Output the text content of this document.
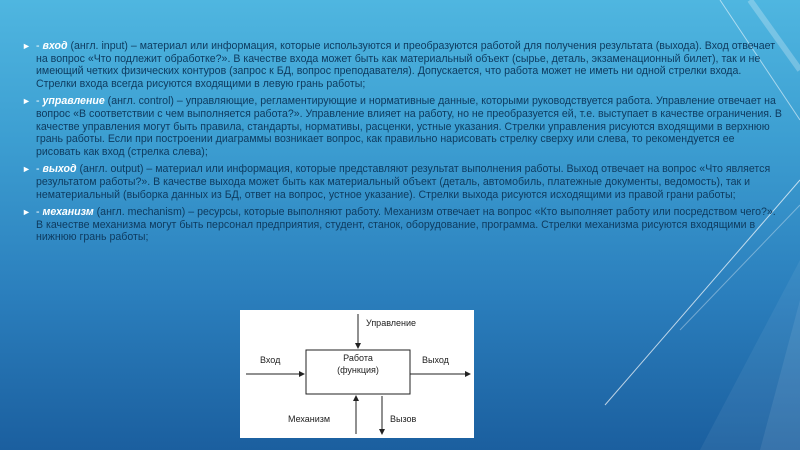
► - вход (англ. input) – материал или информация, которые используются и преобразуются работой для получения результата (выхода). Вход отвечает на вопрос «Что подлежит обработке?». В качестве входа может быть как материальный объект (сырье, деталь, экзаменационный билет), так и не имеющий четких физических контуров (запрос к БД, вопрос преподавателя). Допускается, что работа может не иметь ни одной стрелки входа. Стрелки входа всегда рисуются входящими в левую грань работы;
► - управление (англ. control) – управляющие, регламентирующие и нормативные данные, которыми руководствуется работа. Управление отвечает на вопрос «В соответствии с чем выполняется работа?». Управление влияет на работу, но не преобразуется ей, т.е. выступает в качестве ограничения. В качестве управления могут быть правила, стандарты, нормативы, расценки, устные указания. Стрелки управления рисуются входящими в верхнюю грань работы. Если при построении диаграммы возникает вопрос, как правильно нарисовать стрелку сверху или слева, то рекомендуется ее рисовать как вход (стрелка слева);
► - выход (англ. output) – материал или информация, которые представляют результат выполнения работы. Выход отвечает на вопрос «Что является результатом работы?». В качестве выхода может быть как материальный объект (деталь, автомобиль, платежные документы, ведомость), так и нематериальный (выборка данных из БД, ответ на вопрос, устное указание). Стрелки выхода рисуются исходящими из правой грани работы;
► - механизм (англ. mechanism) – ресурсы, которые выполняют работу. Механизм отвечает на вопрос «Кто выполняет работу или посредством чего?». В качестве механизма могут быть персонал предприятия, студент, станок, оборудование, программа. Стрелки механизма рисуются входящими в нижнюю грань работы;
Управление
Вход	Выход
Работа
(функция)
Механизм	Вызов
